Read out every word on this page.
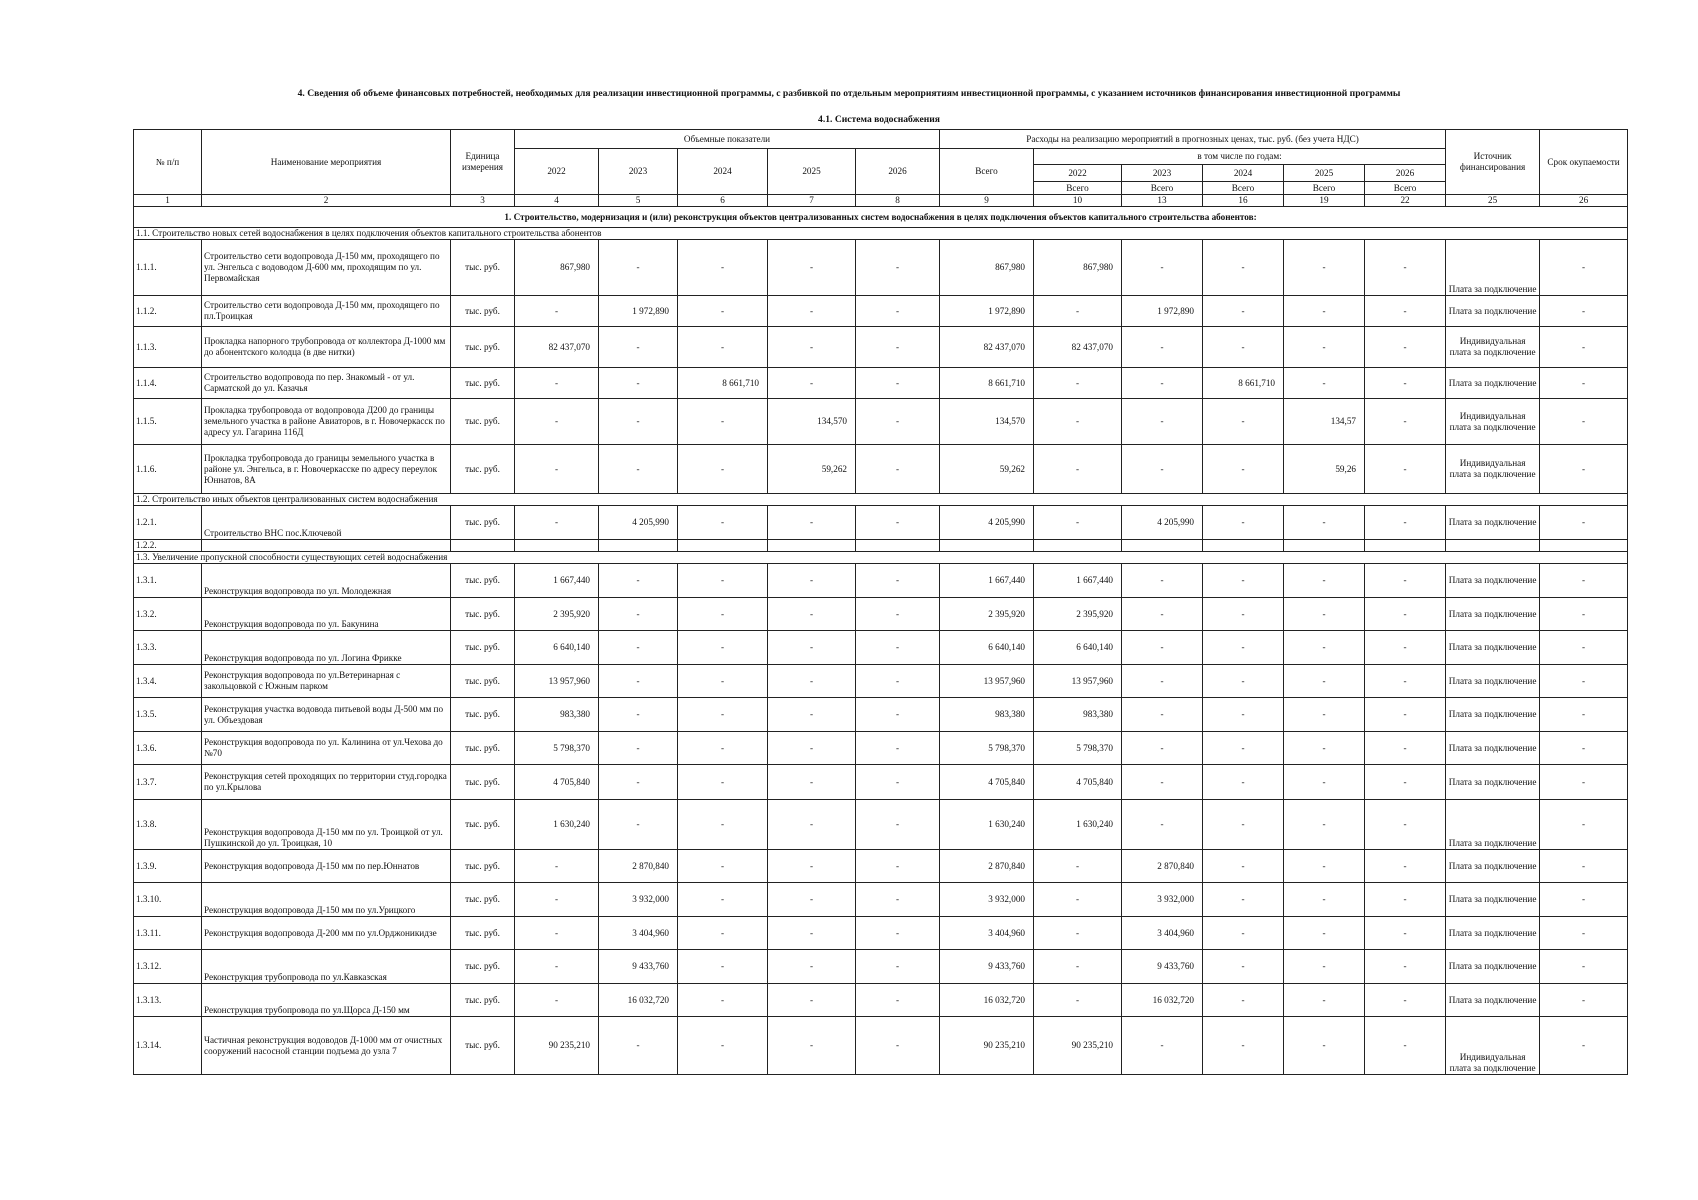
4. Сведения об объеме финансовых потребностей, необходимых для реализации инвестиционной программы, с разбивкой по отдельным мероприятиям инвестиционной программы, с указанием источников финансирования инвестиционной программы
4.1. Система водоснабжения
№ п/п	Наименование мероприятия	Единица измерения	Объемные показатели					Расходы на реализацию мероприятий в прогнозных ценах, тыс. руб. (без учета НДС)						Источник финансирования	Срок окупаемости
			2022	2023	2024	2025	2026	Всего	в том числе по годам:						
									2022	2023	2024	2025	2026		
									Всего	Всего	Всего	Всего	Всего		
1	2	3	4	5	6	7	8	9	10	13	16	19	22	25	26
1. Строительство, модернизация и (или) реконструкция объектов централизованных систем водоснабжения в целях подключения объектов капитального строительства абонентов:															
1.1. Строительство новых сетей водоснабжения в целях подключения объектов капитального строительства абонентов															
1.1.1.	Строительство сети водопровода Д-150 мм, проходящего по ул. Энгельса с водоводом Д-600 мм, проходящим по ул. Первомайская	тыс. руб.	867,980	-	-	-	-	867,980	867,980	-	-	-	-	Плата за подключение	-
1.1.2.	Строительство сети водопровода Д-150 мм, проходящего по пл.Троицкая	тыс. руб.	-	1 972,890	-	-	-	1 972,890	-	1 972,890	-	-	-	Плата за подключение	-
1.1.3.	Прокладка напорного трубопровода от коллектора Д-1000 мм до абонентского колодца (в две нитки)	тыс. руб.	82 437,070	-	-	-	-	82 437,070	82 437,070	-	-	-	-	Индивидуальная плата за подключение	-
1.1.4.	Строительство водопровода по пер. Знакомый - от ул. Сарматской до ул. Казачья	тыс. руб.	-	-	8 661,710	-	-	8 661,710	-	-	8 661,710	-	-	Плата за подключение	-
1.1.5.	Прокладка трубопровода от водопровода Д200 до границы земельного участка в районе Авиаторов, в г. Новочеркасск по адресу ул. Гагарина 116Д	тыс. руб.	-	-	-	134,570	-	134,570	-	-	-	134,57	-	Индивидуальная плата за подключение	-
1.1.6.	Прокладка трубопровода до границы земельного участка в районе ул. Энгельса, в г. Новочеркасске по адресу переулок Юннатов, 8А	тыс. руб.	-	-	-	59,262	-	59,262	-	-	-	59,26	-	Индивидуальная плата за подключение	-
1.2. Строительство иных объектов централизованных систем водоснабжения															
1.2.1.	Строительство ВНС пос.Ключевой	тыс. руб.	-	4 205,990	-	-	-	4 205,990	-	4 205,990	-	-	-	Плата за подключение	-
1.2.2.															
1.3. Увеличение пропускной способности существующих сетей водоснабжения															
1.3.1.	Реконструкция водопровода по ул. Молодежная	тыс. руб.	1 667,440	-	-	-	-	1 667,440	1 667,440	-	-	-	-	Плата за подключение	-
1.3.2.	Реконструкция водопровода по ул. Бакунина	тыс. руб.	2 395,920	-	-	-	-	2 395,920	2 395,920	-	-	-	-	Плата за подключение	-
1.3.3.	Реконструкция водопровода по ул. Логина Фрикке	тыс. руб.	6 640,140	-	-	-	-	6 640,140	6 640,140	-	-	-	-	Плата за подключение	-
1.3.4.	Реконструкция водопровода по ул.Ветеринарная с закольцовкой с Южным парком	тыс. руб.	13 957,960	-	-	-	-	13 957,960	13 957,960	-	-	-	-	Плата за подключение	-
1.3.5.	Реконструкция участка водовода питьевой воды Д-500 мм по ул. Объездовая	тыс. руб.	983,380	-	-	-	-	983,380	983,380	-	-	-	-	Плата за подключение	-
1.3.6.	Реконструкция водопровода по ул. Калинина от ул.Чехова до №70	тыс. руб.	5 798,370	-	-	-	-	5 798,370	5 798,370	-	-	-	-	Плата за подключение	-
1.3.7.	Реконструкция сетей проходящих по территории студ.городка по ул.Крылова	тыс. руб.	4 705,840	-	-	-	-	4 705,840	4 705,840	-	-	-	-	Плата за подключение	-
1.3.8.	Реконструкция водопровода Д-150 мм по ул. Троицкой от ул. Пушкинской до ул. Троицкая, 10	тыс. руб.	1 630,240	-	-	-	-	1 630,240	1 630,240	-	-	-	-	Плата за подключение	-
1.3.9.	Реконструкция водопровода Д-150 мм по пер.Юннатов	тыс. руб.	-	2 870,840	-	-	-	2 870,840	-	2 870,840	-	-	-	Плата за подключение	-
1.3.10.	Реконструкция водопровода Д-150 мм по ул.Урицкого	тыс. руб.	-	3 932,000	-	-	-	3 932,000	-	3 932,000	-	-	-	Плата за подключение	-
1.3.11.	Реконструкция водопровода Д-200 мм по ул.Орджоникидзе	тыс. руб.	-	3 404,960	-	-	-	3 404,960	-	3 404,960	-	-	-	Плата за подключение	-
1.3.12.	Реконструкция трубопровода по ул.Кавказская	тыс. руб.	-	9 433,760	-	-	-	9 433,760	-	9 433,760	-	-	-	Плата за подключение	-
1.3.13.	Реконструкция трубопровода по ул.Щорса Д-150 мм	тыс. руб.	-	16 032,720	-	-	-	16 032,720	-	16 032,720	-	-	-	Плата за подключение	-
1.3.14.	Частичная реконструкция водоводов Д-1000 мм от очистных сооружений насосной станции подъема до узла 7	тыс. руб.	90 235,210	-	-	-	-	90 235,210	90 235,210	-	-	-	-	Индивидуальная плата за подключение	-
